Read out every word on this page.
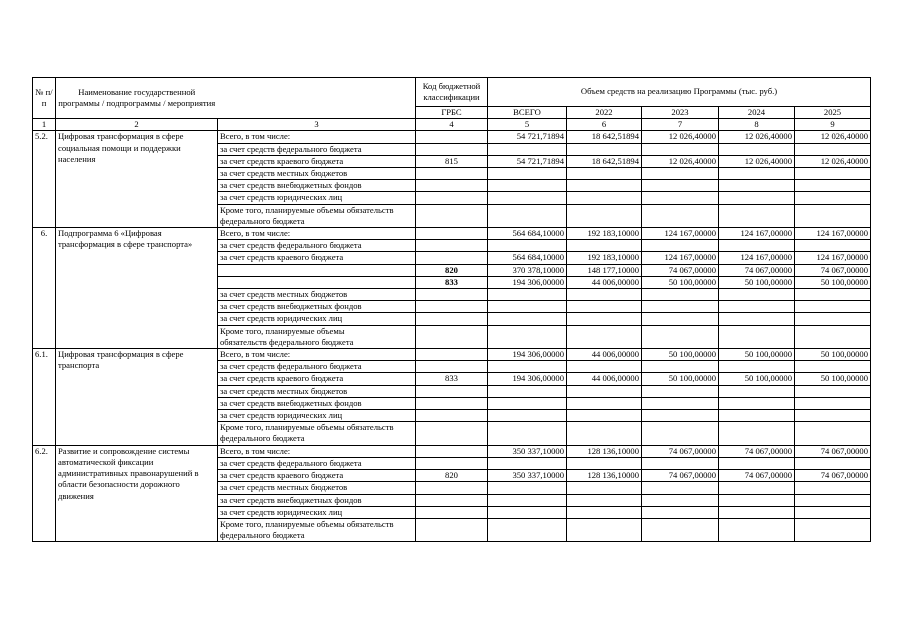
№ п/п	Наименование государственной программы / подпрограммы / мероприятия		Код бюджетной классификации	Объем средств на реализацию Программы (тыс. руб.)				
			ГРБС	ВСЕГО	2022	2023	2024	2025
1	2	3	4	5	6	7	8	9
5.2.	Цифровая трансформация в сфере социальная помощи и поддержки населения	Всего, в том числе:		54 721,71894	18 642,51894	12 026,40000	12 026,40000	12 026,40000
		за счет средств федерального бюджета						
		за счет средств краевого бюджета	815	54 721,71894	18 642,51894	12 026,40000	12 026,40000	12 026,40000
		за счет средств местных бюджетов						
		за счет средств внебюджетных фондов						
		за счет средств юридических лиц						
		Кроме того, планируемые объемы обязательств
федерального бюджета						
6.	Подпрограмма 6 «Цифровая трансформация в сфере транспорта»	Всего, в том числе:		564 684,10000	192 183,10000	124 167,00000	124 167,00000	124 167,00000
		за счет средств федерального бюджета						
		за счет средств краевого бюджета		564 684,10000	192 183,10000	124 167,00000	124 167,00000	124 167,00000
			820	370 378,10000	148 177,10000	74 067,00000	74 067,00000	74 067,00000
			833	194 306,00000	44 006,00000	50 100,00000	50 100,00000	50 100,00000
		за счет средств местных бюджетов						
		за счет средств внебюджетных фондов						
		за счет средств юридических лиц						
		Кроме того, планируемые объемы
обязательств федерального бюджета						
6.1.	Цифровая трансформация в сфере транспорта	Всего, в том числе:		194 306,00000	44 006,00000	50 100,00000	50 100,00000	50 100,00000
		за счет средств федерального бюджета						
		за счет средств краевого бюджета	833	194 306,00000	44 006,00000	50 100,00000	50 100,00000	50 100,00000
		за счет средств местных бюджетов						
		за счет средств внебюджетных фондов						
		за счет средств юридических лиц						
		Кроме того, планируемые объемы обязательств
федерального бюджета						
6.2.	Развитие и сопровождение системы автоматической фиксации административных правонарушений в области безопасности дорожного движения	Всего, в том числе:		350 337,10000	128 136,10000	74 067,00000	74 067,00000	74 067,00000
		за счет средств федерального бюджета						
		за счет средств краевого бюджета	820	350 337,10000	128 136,10000	74 067,00000	74 067,00000	74 067,00000
		за счет средств местных бюджетов						
		за счет средств внебюджетных фондов						
		за счет средств юридических лиц						
		Кроме того, планируемые объемы обязательств
федерального бюджета						
